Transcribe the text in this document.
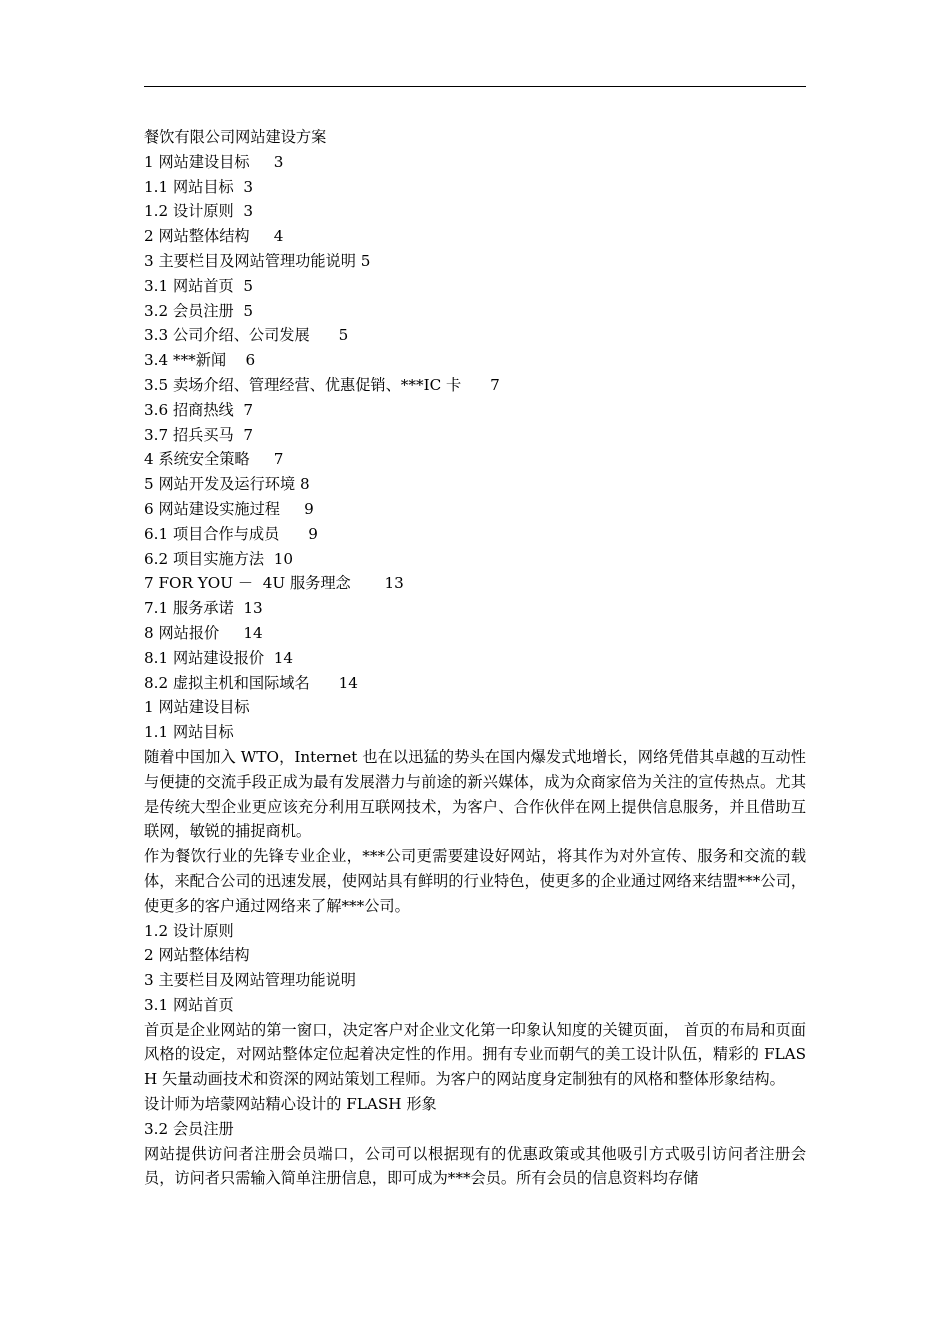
餐饮有限公司网站建设方案
1 网站建设目标     3
1.1 网站目标  3
1.2 设计原则  3
2 网站整体结构     4
3 主要栏目及网站管理功能说明 5
3.1 网站首页  5
3.2 会员注册  5
3.3 公司介绍、公司发展      5
3.4 ***新闻    6
3.5 卖场介绍、管理经营、优惠促销、***IC 卡      7
3.6 招商热线  7
3.7 招兵买马  7
4 系统安全策略     7
5 网站开发及运行环境 8
6 网站建设实施过程     9
6.1 项目合作与成员      9
6.2 项目实施方法  10
7 FOR YOU －  4U 服务理念       13
7.1 服务承诺  13
8 网站报价     14
8.1 网站建设报价  14
8.2 虚拟主机和国际域名      14
1 网站建设目标
1.1 网站目标
随着中国加入 WTO，Internet 也在以迅猛的势头在国内爆发式地增长，网络凭借其卓越的互动性与便捷的交流手段正成为最有发展潜力与前途的新兴媒体，成为众商家倍为关注的宣传热点。尤其是传统大型企业更应该充分利用互联网技术，为客户、合作伙伴在网上提供信息服务，并且借助互联网，敏锐的捕捉商机。
作为餐饮行业的先锋专业企业，***公司更需要建设好网站，将其作为对外宣传、服务和交流的载体，来配合公司的迅速发展，使网站具有鲜明的行业特色，使更多的企业通过网络来结盟***公司，使更多的客户通过网络来了解***公司。
1.2 设计原则
2 网站整体结构
3 主要栏目及网站管理功能说明
3.1 网站首页
首页是企业网站的第一窗口，决定客户对企业文化第一印象认知度的关键页面， 首页的布局和页面风格的设定，对网站整体定位起着决定性的作用。拥有专业而朝气的美工设计队伍，精彩的 FLASH 矢量动画技术和资深的网站策划工程师。为客户的网站度身定制独有的风格和整体形象结构。
设计师为培蒙网站精心设计的 FLASH 形象
3.2 会员注册
网站提供访问者注册会员端口，公司可以根据现有的优惠政策或其他吸引方式吸引访问者注册会员，访问者只需输入简单注册信息，即可成为***会员。所有会员的信息资料均存储
